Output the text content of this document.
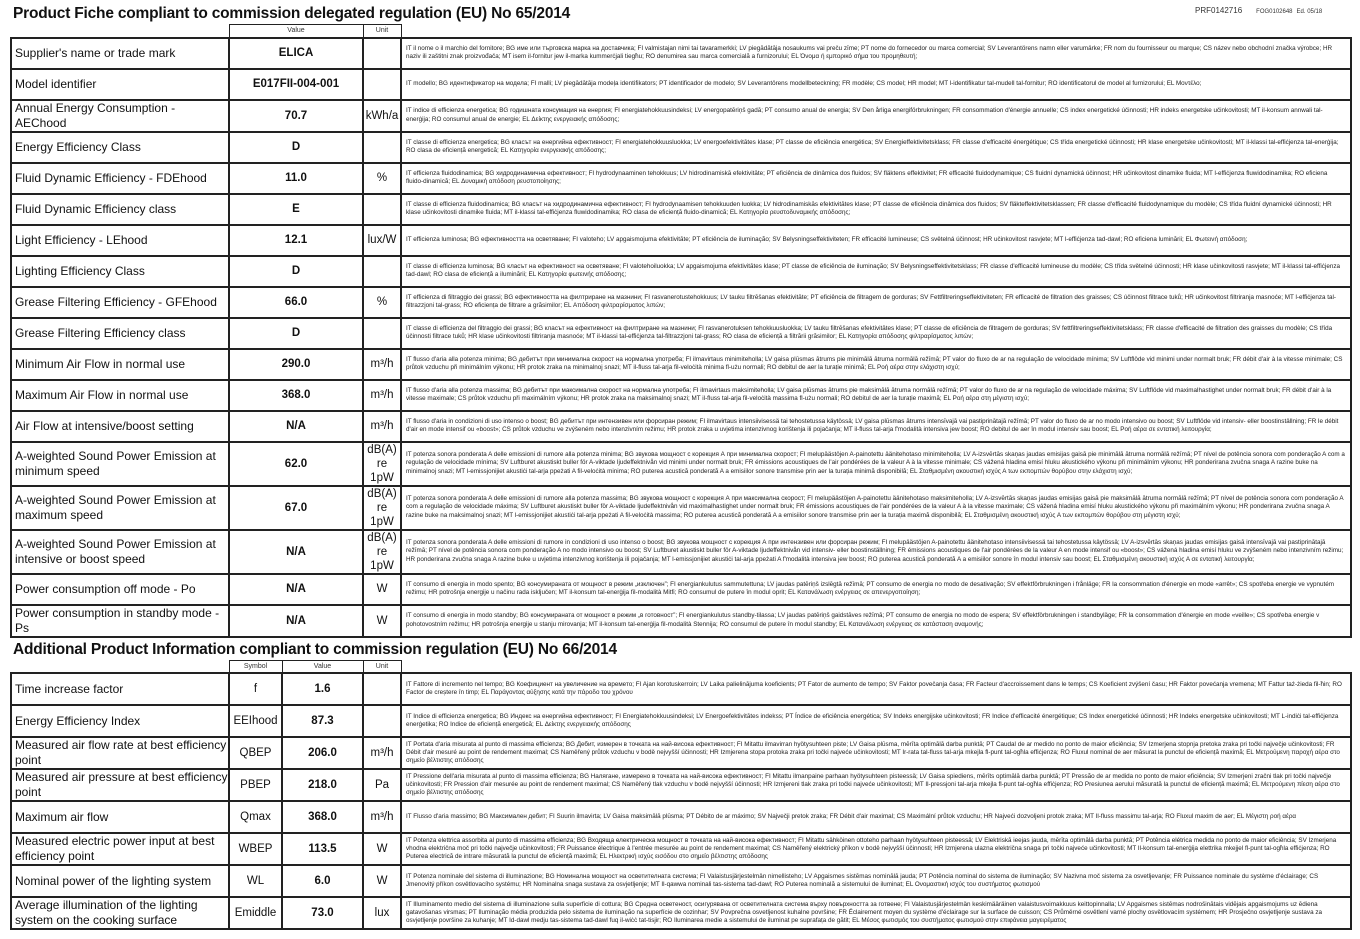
Product Fiche compliant to commission delegated regulation (EU) No 65/2014	PRF0142716 FOG0102648 Ed. 05/18
	Value	Unit	
Supplier's name or trade mark	ELICA		IT il nome o il marchio del fornitore; BG име или търговска марка на доставчика; FI valmistajan nimi tai tavaramerkki; LV piegādātāja nosaukums vai preču zīme; PT nome do fornecedor ou marca comercial; SV Leverantörens namn eller varumärke; FR nom du fournisseur ou marque; CS název nebo obchodní značka výrobce; HR naziv ili zaštitni znak proizvođača; MT isem il-fornitur jew il-marka kummerċjali tiegħu; RO denumirea sau marca comercială a furnizorului; EL Όνομα ή εμπορικό σήμα του προμηθευτή;
Model identifier	E017FII-004-001		IT modello; BG идентификатор на модела; FI malli; LV piegādātāja modeļa identifikators; PT identificador de modelo; SV Leverantörens modellbeteckning; FR modèle; CS model; HR model; MT l-identifikatur tal-mudell tal-fornitur; RO identificatorul de model al furnizorului; EL Μοντέλο;
Annual Energy Consumption - AEChood	70.7	kWh/a	IT indice di efficienza energetica; BG годишната консумация на енергия; FI energiatehokkuusindeksi; LV energopatēriņš gadā; PT consumo anual de energia; SV Den årliga energiförbrukningen; FR consommation d'énergie annuelle; CS index energetické účinnosti; HR indeks energetske učinkovitosti; MT il-konsum annwali tal-enerġija; RO consumul anual de energie; EL Δείκτης ενεργειακής απόδοσης;
Energy Efficiency Class	D		IT classe di efficienza energetica; BG класът на енергийна ефективност; FI energiatehokkuusluokka; LV energoefektivitātes klase; PT classe de eficiência energética; SV Energieffektivitetsklass; FR classe d'efficacité énergétique; CS třída energetické účinnosti; HR klase energetske učinkovitosti; MT il-klassi tal-effiċjenza tal-enerġija; RO clasa de eficiență energetică; EL Κατηγορία ενεργειακής απόδοσης;
Fluid Dynamic Efficiency - FDEhood	11.0	%	IT efficienza fluidodinamica; BG хидродинамична ефективност; FI hydrodynaaminen tehokkuus; LV hidrodinamiskā efektivitāte; PT eficiência de dinâmica dos fluidos; SV fläktens effektivitet; FR efficacité fluidodynamique; CS fluidní dynamická účinnost; HR učinkovitost dinamike fluida; MT l-effiċjenza fluwidodinamika; RO eficiena fluido-dinamică; EL Δυναμική απόδοση ρευστοποίησης;
Fluid Dynamic Efficiency class	E		IT classe di efficienza fluidodinamica; BG класът на хидродинамична ефективност; FI hydrodynaamisen tehokkuuden luokka; LV hidrodinamiskās efektivitātes klase; PT classe de eficiência dinâmica dos fluidos; SV fläkteffektivitetsklassen; FR classe d'efficacité fluidodynamique du modèle; CS třída fluidní dynamické účinnosti; HR klase učinkovitosti dinamike fluida; MT il-klassi tal-effiċjenza fluwidodinamika; RO clasa de eficiență fluido-dinamică; EL Κατηγορία ρευστοδυναμικής απόδοσης;
Light Efficiency - LEhood	12.1	lux/W	IT efficienza luminosa; BG ефективността на осветяване; FI valoteho; LV apgaismojuma efektivitāte; PT eficiência de iluminação; SV Belysningseffektiviteten; FR efficacité lumineuse; CS světelná účinnost; HR učinkovitost rasvjete; MT l-effiċjenza tad-dawl; RO eficiena luminării; EL Φωτεινή απόδοση;
Lighting Efficiency Class	D		IT classe di efficienza luminosa; BG класът на ефективност на осветяване; FI valotehoiluokka; LV apgaismojuma efektivitātes klase; PT classe de eficiência de iluminação; SV Belysningseffektivitetsklass; FR classe d'efficacité lumineuse du modèle; CS třída světelné účinnosti; HR klase učinkovitosti rasvjete; MT il-klassi tal-effiċjenza tad-dawl; RO clasa de eficiență a iluminării; EL Κατηγορία φωτεινής απόδοσης;
Grease Filtering Efficiency - GFEhood	66.0	%	IT efficienza di filtraggio dei grassi; BG ефективността на филтриране на мазнини; FI rasvanerotustehokkuus; LV tauku filtrēšanas efektivitāte; PT eficiência de filtragem de gorduras; SV Fettfiltreringseffektiviteten; FR efficacité de filtration des graisses; CS účinnost filtrace tuků; HR učinkovitost filtriranja masnoće; MT l-effiċjenza tal-filtrazzjoni tal-grass; RO eficiența de filtrare a grăsimilor; EL Απόδοση φιλτραρίσματος λιπών;
Grease Filtering Efficiency class	D		IT classe di efficienza del filtraggio dei grassi; BG класът на ефективност на филтриране на мазнини; FI rasvanerotuksen tehokkuusluokka; LV tauku filtrēšanas efektivitātes klase; PT classe de eficiência de filtragem de gorduras; SV fettfiltreringseffektivitetsklass; FR classe d'efficacité de filtration des graisses du modèle; CS třída účinnosti filtrace tuků; HR klase učinkovitosti filtriranja masnoće; MT il-klassi tal-effiċjenza tal-filtrazzjoni tal-grass; RO clasa de eficiență a filtrării grăsimilor; EL Κατηγορία απόδοσης φιλτραρίσματος λιπών;
Minimum Air Flow in normal use	290.0	m³/h	IT flusso d'aria alla potenza minima; BG дебитът при минимална скорост на нормална употреба; FI ilmavirtaus minimiteholla; LV gaisa plūsmas ātrums pie minimālā ātruma normālā režīmā; PT valor do fluxo de ar na regulação de velocidade mínima; SV Luftflöde vid minimi under normalt bruk; FR débit d'air à la vitesse minimale; CS průtok vzduchu při minimálním výkonu; HR protok zraka na minimalnoj snazi; MT il-fluss tal-arja fil-veloċità minima fl-użu normali; RO debitul de aer la turație minimă; EL Ροή αέρα στην ελάχιστη ισχύ;
Maximum Air Flow in normal use	368.0	m³/h	IT flusso d'aria alla potenza massima; BG дебитът при максимална скорост на нормална употреба; FI ilmavirtaus maksimiteholla; LV gaisa plūsmas ātrums pie maksimālā ātruma normālā režīmā; PT valor do fluxo de ar na regulação de velocidade máxima; SV Luftflöde vid maximalhastighet under normalt bruk; FR débit d'air à la vitesse maximale; CS průtok vzduchu při maximálním výkonu; HR protok zraka na maksimalnoj snazi; MT il-fluss tal-arja fil-veloċità massima fl-użu normali; RO debitul de aer la turație maximă; EL Ροή αέρα στη μέγιστη ισχύ;
Air Flow at intensive/boost setting	N/A	m³/h	IT flusso d'aria in condizioni di uso intenso o boost; BG дебитът при интензивен или форсиран режим; FI ilmavirtaus intensiivisessä tai tehostetussa käytössä; LV gaisa plūsmas ātrums intensīvajā vai pastiprinātajā režīmā; PT valor do fluxo de ar no modo intensivo ou boost; SV Luftflöde vid intensiv- eller boostinställning; FR le débit d'air en mode intensif ou «boost»; CS průtok vzduchu ve zvýšeném nebo intenzivním režimu; HR protok zraka u uvjetima intenzivnog korištenja ili pojačanja; MT il-fluss tal-arja f'modalità intensiva jew boost; RO debitul de aer în modul intensiv sau boost; EL Ροή αέρα σε εντατική λειτουργία;
A-weighted Sound Power Emission at minimum speed	62.0	dB(A) re 1pW	IT potenza sonora ponderata A delle emissioni di rumore alla potenza minima; BG звукова мощност с корекция А при минимална скорост; FI melupäästöjen A-painotettu äänitehotaso minimiteholla; LV A-izsvērtās skaņas jaudas emisijas gaisā pie minimālā ātruma normālā režīmā; PT nível de potência sonora com ponderação A com a regulação de velocidade mínima; SV Luftburet akustiskt buller för A-viktade ljudeffektnivån vid minimi under normalt bruk; FR émissions acoustiques de l'air pondérées de la valeur A à la vitesse minimale; CS vážená hladina emisí hluku akustického výkonu při minimálním výkonu; HR ponderirana zvučna snaga A razine buke na minimalnoj snazi; MT l-emissjonijiet akustiċi tal-arja ppeżati A fil-veloċità minima; RO puterea acustică ponderată A a emisiilor sonore transmise prin aer la turația minimă disponibilă; EL Σταθμισμένη ακουστική ισχύς Α των εκπομπών θορύβου στην ελάχιστη ισχύ;
A-weighted Sound Power Emission at maximum speed	67.0	dB(A) re 1pW	IT potenza sonora ponderata A delle emissioni di rumore alla potenza massima; BG звукова мощност с корекция А при максимална скорост; FI melupäästöjen A-painotettu äänitehotaso maksimiteholla; LV A-izsvērtās skaņas jaudas emisijas gaisā pie maksimālā ātruma normālā režīmā; PT nível de potência sonora com ponderação A com a regulação de velocidade máxima; SV Luftburet akustiskt buller för A-viktade ljudeffektnivån vid maximalhastighet under normalt bruk; FR émissions acoustiques de l'air pondérées de la valeur A à la vitesse maximale; CS vážená hladina emisí hluku akustického výkonu při maximálním výkonu; HR ponderirana zvučna snaga A razine buke na maksimalnoj snazi; MT l-emissjonijiet akustiċi tal-arja ppeżati A fil-veloċità massima; RO puterea acustică ponderată A a emisiilor sonore transmise prin aer la turația maximă disponibilă; EL Σταθμισμένη ακουστική ισχύς Α των εκπομπών θορύβου στη μέγιστη ισχύ;
A-weighted Sound Power Emission at intensive or boost speed	N/A	dB(A) re 1pW	IT potenza sonora ponderata A delle emissioni di rumore in condizioni di uso intenso o boost; BG звукова мощност с корекция А при интензивен или форсиран режим; FI melupäästöjen A-painotettu äänitehotaso intensiivisessä tai tehostetussa käytössä; LV A-izsvērtās skaņas jaudas emisijas gaisā intensīvajā vai pastiprinātajā režīmā; PT nível de potência sonora com ponderação A no modo intensivo ou boost; SV Luftburet akustiskt buller för A-viktade ljudeffektnivån vid intensiv- eller boostinställning; FR émissions acoustiques de l'air pondérées de la valeur A en mode intensif ou «boost»; CS vážená hladina emisí hluku ve zvýšeném nebo intenzivním režimu; HR ponderirana zvučna snaga A razine buke u uvjetima intenzivnog korištenja ili pojačanja; MT l-emissjonijiet akustiċi tal-arja ppeżati A f'modalità intensiva jew boost; RO puterea acustică ponderată A a emisiilor sonore în modul intensiv sau boost; EL Σταθμισμένη ακουστική ισχύς Α σε εντατική λειτουργία;
Power consumption off mode - Po	N/A	W	IT consumo di energia in modo spento; BG консумираната от мощност в режим „изключен”; FI energiankulutus sammutettuna; LV jaudas patēriņš izslēgtā režīmā; PT consumo de energia no modo de desativação; SV effektförbrukningen i frånläge; FR la consommation d'énergie en mode «arrêt»; CS spotřeba energie ve vypnutém režimu; HR potrošnja energije u načinu rada isključen; MT il-konsum tal-enerġija fil-modalità Mitfi; RO consumul de putere în modul oprit; EL Κατανάλωση ενέργειας σε απενεργοποίηση;
Power consumption in standby mode - Ps	N/A	W	IT consumo di energia in modo standby; BG консумираната от мощност в режим „в готовност”; FI energiankulutus standby-tilassa; LV jaudas patēriņš gaidstāves režīmā; PT consumo de energia no modo de espera; SV effektförbrukningen i standbyläge; FR la consommation d'énergie en mode «veille»; CS spotřeba energie v pohotovostním režimu; HR potrošnja energije u stanju mirovanja; MT il-konsum tal-enerġija fil-modalità Stennija; RO consumul de putere în modul standby; EL Κατανάλωση ενέργειας σε κατάσταση αναμονής;
Additional Product Information compliant to commission regulation (EU) No 66/2014
	Symbol	Value	Unit	
Time increase factor	f	1.6		IT Fattore di incremento nel tempo; BG Коефициент на увеличение на времето; FI Ajan korotuskerroin; LV Laika palielinājuma koeficients; PT Fator de aumento de tempo; SV Faktor povečanja časa; FR Facteur d'accroissement dans le temps; CS Koeficient zvýšení času; HR Faktor povećanja vremena; MT Fattur taż-żieda fil-ħin; RO Factor de creștere în timp; EL Παράγοντας αύξησης κατά την πάροδο του χρόνου
Energy Efficiency Index	EEIhood	87.3		IT Indice di efficienza energetica; BG Индекс на енергийна ефективност; FI Energiatehokkuusindeksi; LV Energoefektivitātes indekss; PT Índice de eficiência energética; SV Indeks energijske učinkovitosti; FR Indice d'efficacité énergétique; CS Index energetické účinnosti; HR Indeks energetske učinkovitosti; MT L-indiċi tal-effiċjenza enerġetika; RO Indice de eficiență energetică; EL Δείκτης ενεργειακής απόδοσης
Measured air flow rate at best efficiency point	QBEP	206.0	m³/h	IT Portata d'aria misurata al punto di massima efficienza; BG Дебит, измерен в точката на най-висока ефективност; FI Mitattu ilmavirran hyötysuhteen piste; LV Gaisa plūsma, mērīta optimālā darba punktā; PT Caudal de ar medido no ponto de maior eficiência; SV Izmerjena stopnja pretoka zraka pri točki največje učinkovitosti; FR Débit d'air mesuré au point de rendement maximal; CS Naměřený průtok vzduchu v bodě nejvyšší účinnosti; HR Izmjerena stopa protoka zraka pri točki najveće učinkovitosti; MT Ir-rata tal-fluss tal-arja mkejla fl-punt tal-ogħla effiċjenza; RO Fluxul nominal de aer măsurat la punctul de eficiență maximă; EL Μετρούμενη παροχή αέρα στο σημείο βέλτιστης απόδοσης
Measured air pressure at best efficiency point	PBEP	218.0	Pa	IT Pressione dell'aria misurata al punto di massima efficienza; BG Налягане, измерено в точката на най-висока ефективност; FI Mitattu ilmanpaine parhaan hyötysuhteen pisteessä; LV Gaisa spiediens, mērīts optimālā darba punktā; PT Pressão de ar medida no ponto de maior eficiência; SV Izmerjeni zračni tlak pri točki največje učinkovitosti; FR Pression d'air mesurée au point de rendement maximal; CS Naměřený tlak vzduchu v bodě nejvyšší účinnosti; HR Izmjereni tlak zraka pri točki najveće učinkovitosti; MT Il-pressjoni tal-arja mkejla fl-punt tal-ogħla effiċjenza; RO Presiunea aerului măsurată la punctul de eficiență maximă; EL Μετρούμενη πίεση αέρα στο σημείο βέλτιστης απόδοσης
Maximum air flow	Qmax	368.0	m³/h	IT Flusso d'aria massimo; BG Максимален дебит; FI Suurin ilmavirta; LV Gaisa maksimālā plūsma; PT Débito de ar máximo; SV Največji pretok zraka; FR Débit d'air maximal; CS Maximální průtok vzduchu; HR Najveći dozvoljeni protok zraka; MT Il-fluss massimu tal-arja; RO Fluxul maxim de aer; EL Μέγιστη ροή αέρα
Measured electric power input at best efficiency point	WBEP	113.5	W	IT Potenza elettrica assorbita al punto di massima efficienza; BG Входяща електрическа мощност в точката на най-висока ефективност; FI Mitattu sähköinen ottoteho parhaan hyötysuhteen pisteessä; LV Elektriskā ieejas jauda, mērīta optimālā darba punktā; PT Potência elétrica medida no ponto de maior eficiência; SV Izmerjena vhodna električna moč pri točki največje učinkovitosti; FR Puissance électrique à l'entrée mesurée au point de rendement maximal; CS Naměřený elektrický příkon v bodě nejvyšší účinnosti; HR Izmjerena ulazna električna snaga pri točki najveće učinkovitosti; MT Il-konsum tal-enerġija elettrika mkejjel fl-punt tal-ogħla effiċjenza; RO Puterea electrică de intrare măsurată la punctul de eficiență maximă; EL Ηλεκτρική ισχύς εισόδου στο σημείο βέλτιστης απόδοσης
Nominal power of the lighting system	WL	6.0	W	IT Potenza nominale del sistema di illuminazione; BG Номинална мощност на осветителната система; FI Valaistusjärjestelmän nimellisteho; LV Apgaismes sistēmas nominālā jauda; PT Potência nominal do sistema de iluminação; SV Nazivna moč sistema za osvetljevanje; FR Puissance nominale du système d'éclairage; CS Jmenovitý příkon osvětlovacího systému; HR Nominalna snaga sustava za osvjetljenje; MT Il-qawwa nominali tas-sistema tad-dawl; RO Puterea nominală a sistemului de iluminat; EL Ονομαστική ισχύς του συστήματος φωτισμού
Average illumination of the lighting system on the cooking surface	Emiddle	73.0	lux	IT Illuminamento medio del sistema di illuminazione sulla superficie di cottura; BG Средна осветеност, осигурявана от осветителната система върху повърхността за готвене; FI Valaistusjärjestelmän keskimääräinen valaistusvoimakkuus keittopinnalla; LV Apgaismes sistēmas nodrošinātais vidējais apgaismojums uz ēdiena gatavošanas virsmas; PT Iluminação média produzida pelo sistema de iluminação na superfície de cozinhar; SV Povprečna osvetljenost kuhalne površine; FR Éclairement moyen du système d'éclairage sur la surface de cuisson; CS Průměrné osvětlení varné plochy osvětlovacím systémem; HR Prosječno osvjetljenje sustava za osvjetljenje površine za kuhanje; MT Id-dawl medju tas-sistema tad-dawl fuq il-wiċċ tat-tisjir; RO Iluminarea medie a sistemului de iluminat pe suprafața de gătit; EL Μέσος φωτισμός του συστήματος φωτισμού στην επιφάνεια μαγειρέματος
